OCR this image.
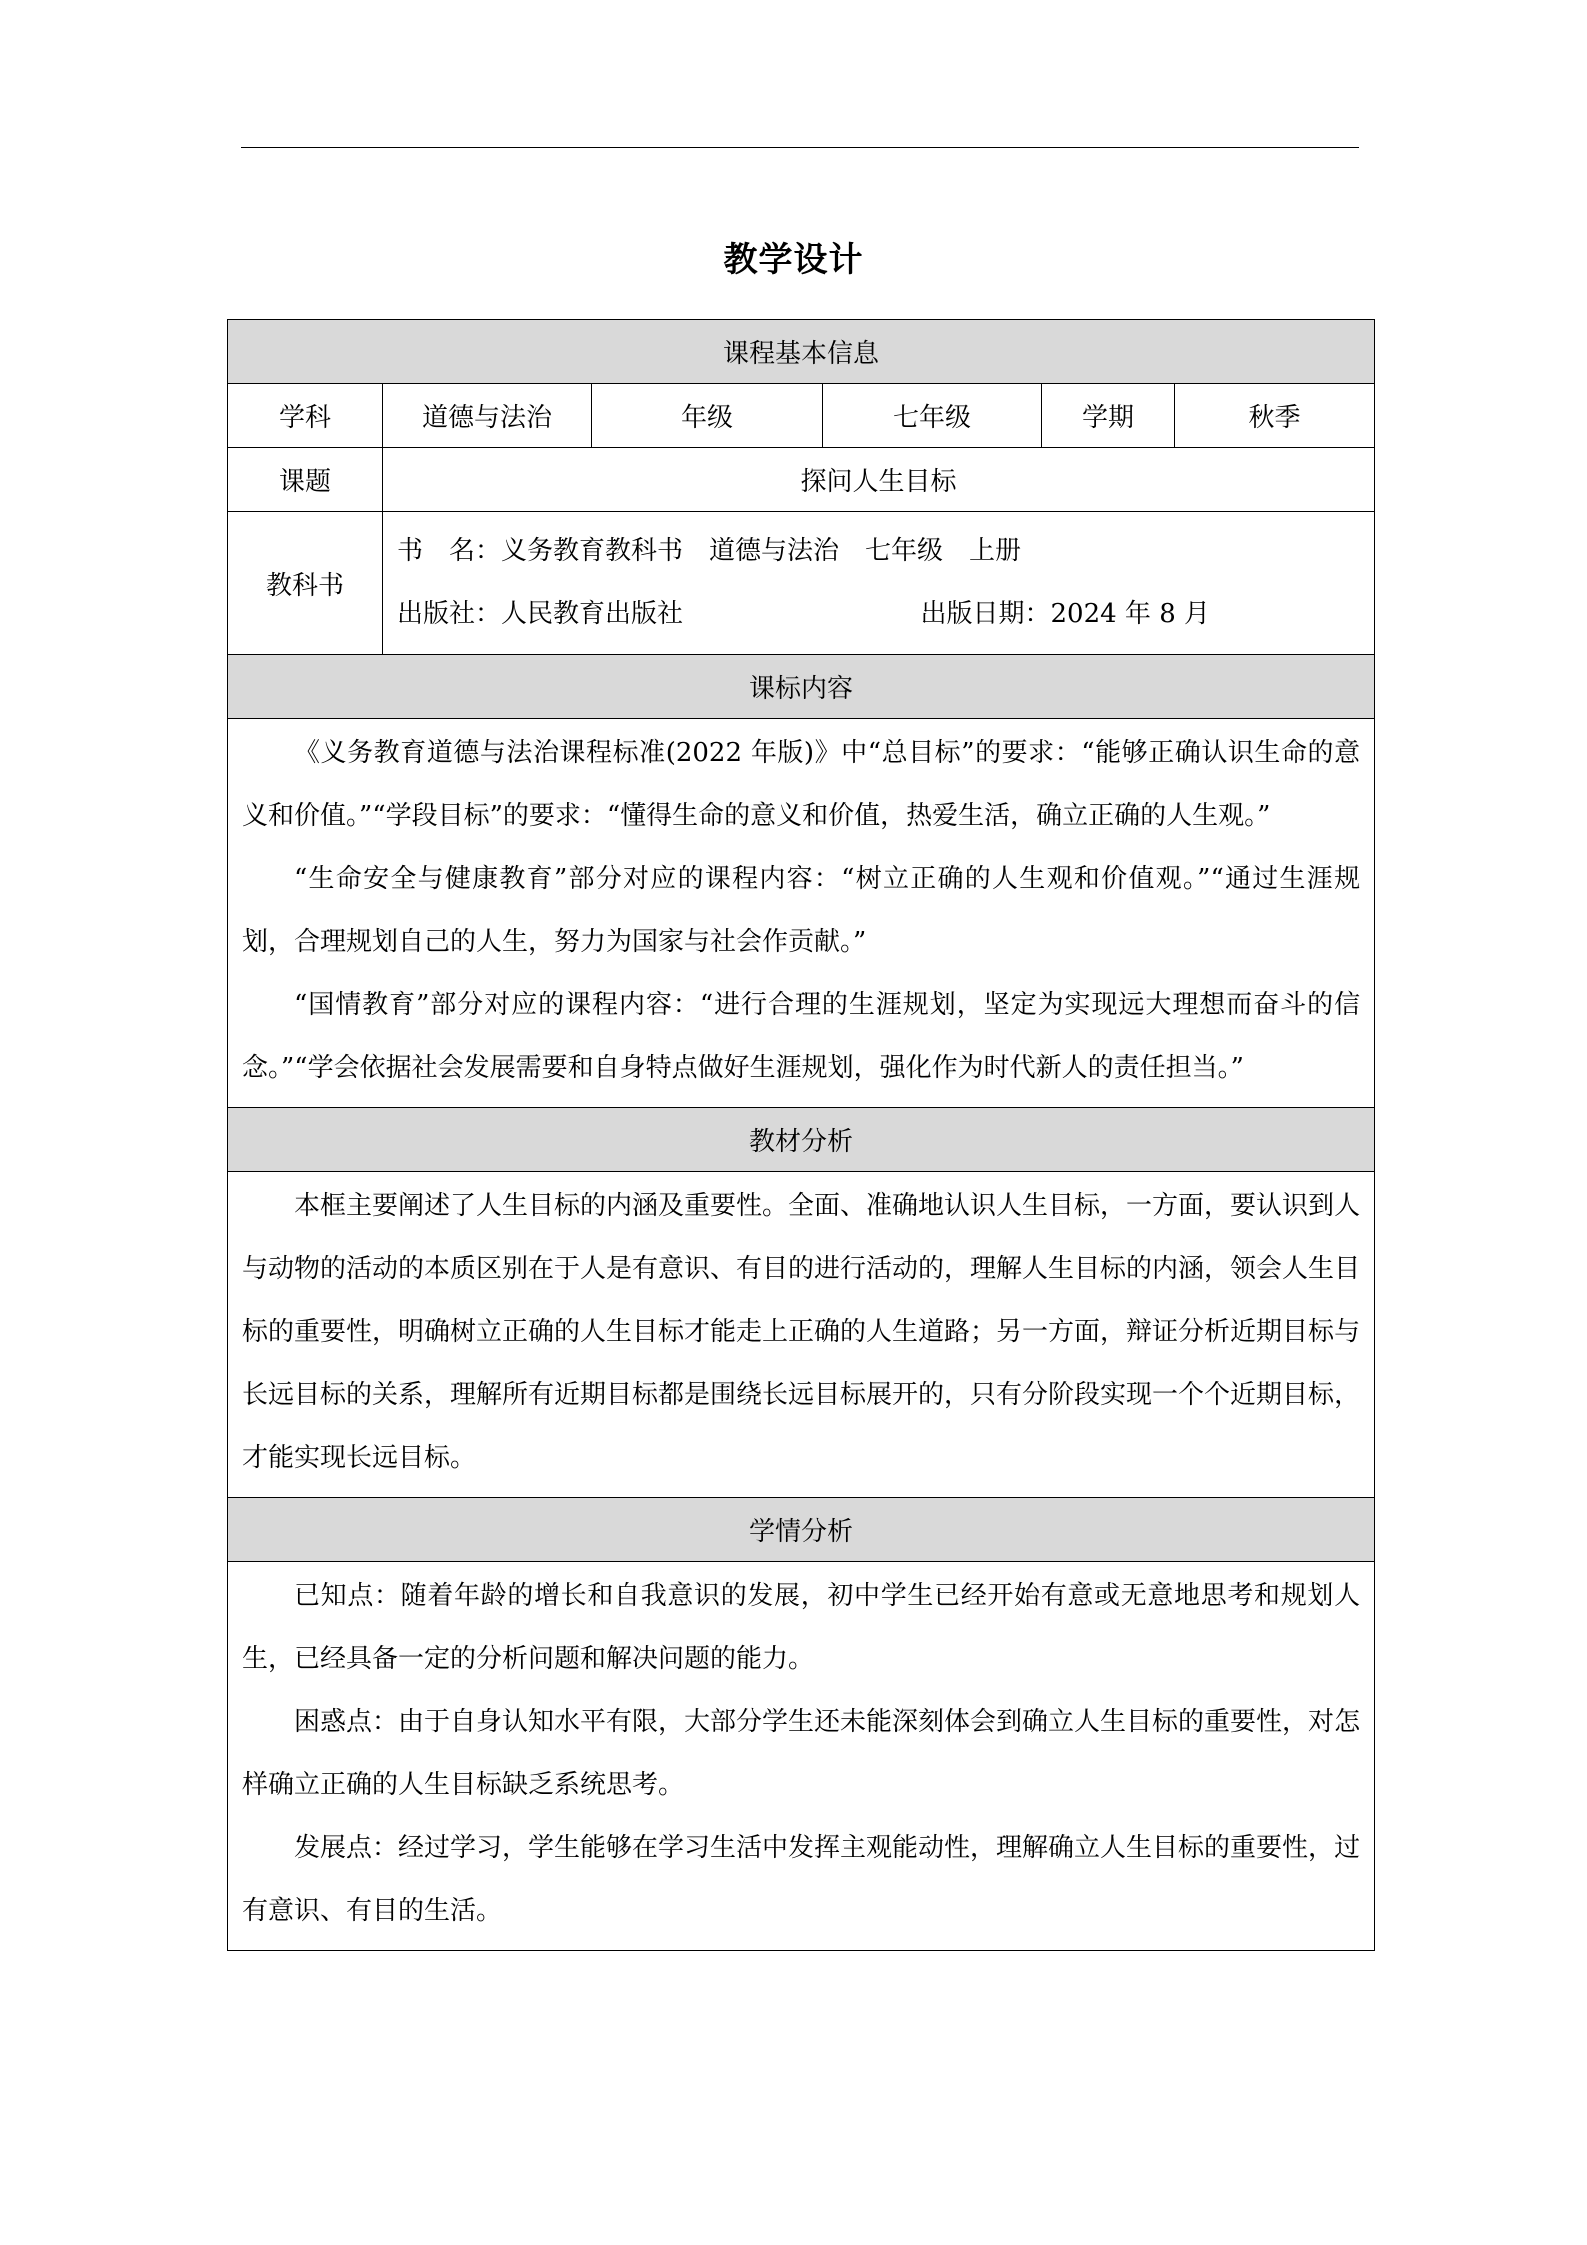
教学设计
课程基本信息					
学科	道德与法治	年级	七年级	学期	秋季
课题	探问人生目标				
教科书	书　名：义务教育教科书　道德与法治　七年级　上册
出版社：人民教育出版社 出版日期：2024 年 8 月				

课标内容					

《义务教育道德与法治课程标准(2022 年版)》中“总目标”的要求：“能够正确认识生命的意义和价值。”“学段目标”的要求：“懂得生命的意义和价值，热爱生活，确立正确的人生观。”

“生命安全与健康教育”部分对应的课程内容：“树立正确的人生观和价值观。”“通过生涯规划，合理规划自己的人生，努力为国家与社会作贡献。”

“国情教育”部分对应的课程内容：“进行合理的生涯规划，坚定为实现远大理想而奋斗的信念。”“学会依据社会发展需要和自身特点做好生涯规划，强化作为时代新人的责任担当。”					

教材分析					

本框主要阐述了人生目标的内涵及重要性。全面、准确地认识人生目标，一方面，要认识到人与动物的活动的本质区别在于人是有意识、有目的进行活动的，理解人生目标的内涵，领会人生目标的重要性，明确树立正确的人生目标才能走上正确的人生道路；另一方面，辩证分析近期目标与长远目标的关系，理解所有近期目标都是围绕长远目标展开的，只有分阶段实现一个个近期目标，才能实现长远目标。					

学情分析					

已知点：随着年龄的增长和自我意识的发展，初中学生已经开始有意或无意地思考和规划人生，已经具备一定的分析问题和解决问题的能力。

困惑点：由于自身认知水平有限，大部分学生还未能深刻体会到确立人生目标的重要性，对怎样确立正确的人生目标缺乏系统思考。

发展点：经过学习，学生能够在学习生活中发挥主观能动性，理解确立人生目标的重要性，过有意识、有目的生活。					
